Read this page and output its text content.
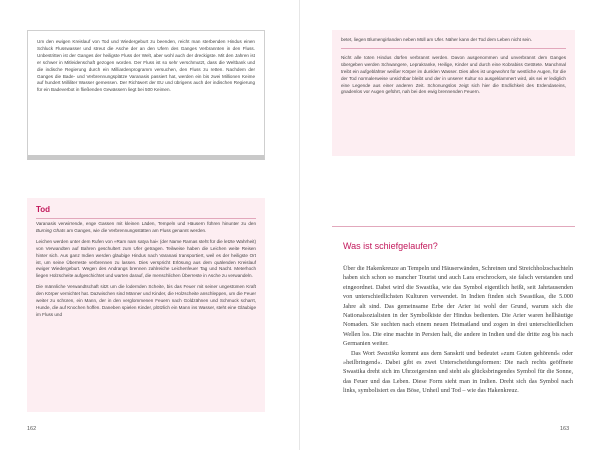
Um den ewigen Kreislauf von Tod und Wiedergeburt zu beenden, reicht man sterbenden Hindus einen Schluck Flusswasser und streut die Asche der an den Ufern des Ganges Verbrannten in den Fluss. Unbestritten ist der Ganges der heiligste Fluss der Welt, aber wohl auch der dreckigste. Mit den Jahren ist er schwer in Mitleidenschaft gezogen worden. Der Fluss ist so sehr verschmutzt, dass die Weltbank und die indische Regierung durch ein Milliardenprogramm versuchen, den Fluss zu retten. Nachdem der Ganges die Bade- und Verbrennungsplätze Varanasis passiert hat, werden ein bis zwei Millionen Keime auf hundert Milliliter Wasser gemessen. Der Richtwert der EU und übrigens auch der indischen Regierung für ein Badeverbot in fließenden Gewässern liegt bei 500 Keimen.

Tod

Varanasis verwirrende, enge Gassen mit kleinen Läden, Tempeln und Häusern führen hinunter zu den Burning Ghats am Ganges, wie die Verbrennungsstätten am Fluss genannt werden.

Leichen werden unter dem Rufen von »Ram nam satya hai« (der Name Ramas steht für die letzte Wahrheit) von Verwandten auf Bahren geschultert zum Ufer getragen. Teilweise haben die Leichen weite Reisen hinter sich. Aus ganz Indien werden gläubige Hindus nach Varanasi transportiert, weil es der heiligste Ort ist, um seine Überreste verbrennen zu lassen. Dies verspricht Erlösung aus dem quälenden Kreislauf ewiger Wiedergeburt. Wegen des Andrangs brennen zahlreiche Leichenfeuer Tag und Nacht. Meterhoch liegen Holzscheite aufgeschichtet und warten darauf, die menschlichen Überreste in Asche zu verwandeln.

Die männliche Verwandtschaft sitzt um die lodernden Scheite, bis das Feuer mit seiner ungestümen Kraft den Körper vernichtet hat. Dazwischen sind Männer und Kinder, die Holzscheite anschleppen, um die Feuer weiter zu schüren, ein Mann, der in den verglommenen Feuern nach Goldzähnen und Schmuck scharrt, Hunde, die auf Knochen hoffen. Daneben spielen Kinder, plötzlich ein Mann ins Wasser, steht eine Gläubige im Fluss und

162

betet, liegen Blumengirlanden neben Müll am Ufer. Näher kann der Tod dem Leben nicht sein.

Nicht alle toten Hindus dürfen verbrannt werden. Davon ausgenommen und unverbrannt dem Ganges übergeben werden Schwangere, Leprakranke, Heilige, Kinder und durch eine Kobrabiss Getötete. Manchmal treibt ein aufgeblähter weißer Körper im dunklen Wasser. Dies alles ist ungewohnt für westliche Augen, für die der Tod normalerweise unsichtbar bleibt und der in unserer Kultur so ausgeklammert wird, als sei er lediglich eine Legende aus einer anderen Zeit. Schonungslos zeigt sich hier die Endlichkeit des Erdendaseins, gnadenlos vor Augen geführt, nah bei den ewig brennenden Feuern.

Was ist schiefgelaufen?

Über die Hakenkreuze an Tempeln und Häuserwänden, Schreinen und Streichholzschachteln haben sich schon so mancher Tourist und auch Lara erschrocken, sie falsch verstanden und eingeordnet. Dabei wird die Swastika, wie das Symbol eigentlich heißt, seit Jahrtausenden von unterschiedlichsten Kulturen verwendet. In Indien finden sich Swastikas, die 5.000 Jahre alt sind. Das gemeinsame Erbe der Arier ist wohl der Grund, warum sich die Nationalsozialisten in der Symbolkiste der Hindus bedienten. Die Arier waren hellhäutige Nomaden. Sie suchten nach einem neuen Heimatland und zogen in drei unterschiedlichen Wellen los. Die eine machte in Persien halt, die andere in Indien und die dritte zog bis nach Germanien weiter.

Das Wort Swastika kommt aus dem Sanskrit und bedeutet »zum Guten gehörend« oder »heilbringend«. Dabei gibt es zwei Unterscheidungsformen: Die nach rechts geöffnete Swastika dreht sich im Uhrzeigersinn und steht als glücksbringendes Symbol für die Sonne, das Feuer und das Leben. Diese Form sieht man in Indien. Dreht sich das Symbol nach links, symbolisiert es das Böse, Unheil und Tod – wie das Hakenkreuz.

163
